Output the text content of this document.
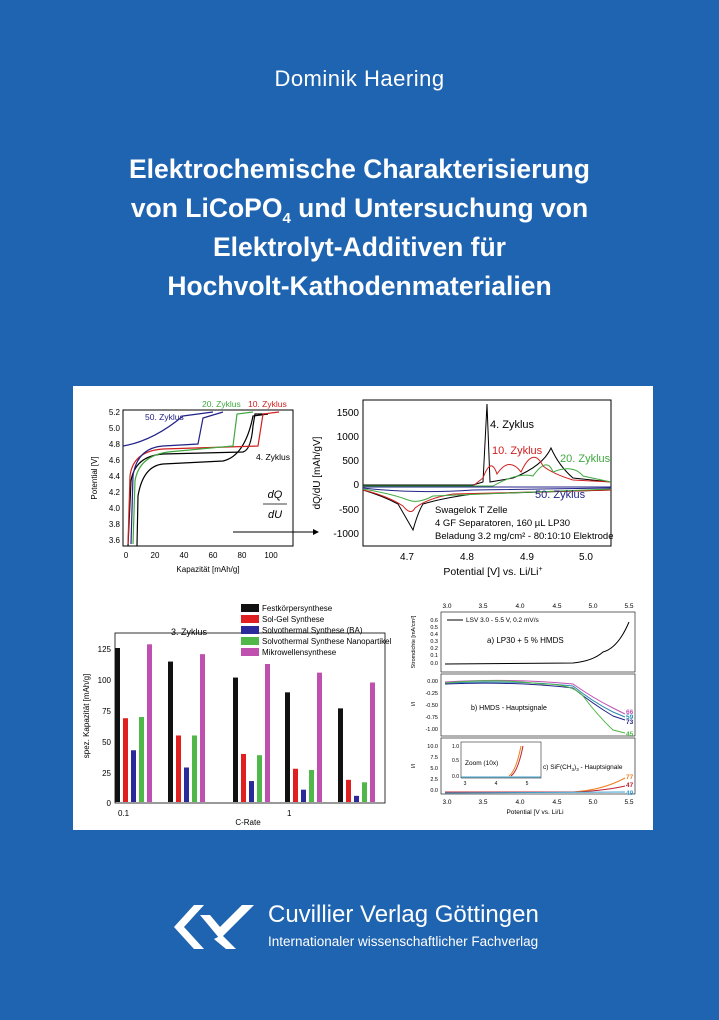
Dominik Haering
Elektrochemische Charakterisierung
von LiCoPO$_4$ und Untersuchung von
Elektrolyt-Additiven für
Hochvolt-Kathodenmaterialien
5.2
5.0
4.8
4.6
4.4
4.2
4.0
3.8
3.6
0	20	40	60	80 100
Kapazität [mAh/g]
Potential [V]
50. Zyklus
20. Zyklus 10. Zyklus
4. Zyklus
dQ
dU
1500
1000
500
0
-500
-1000
4.7	4.8	4.9	5.0
Potential [V] vs. Li/Li+
dQ/dU [mAh/gV]
4. Zyklus
10. Zyklus
20. Zyklus
50. Zyklus
Swagelok T Zelle
4 GF Separatoren, 160 µL LP30
Beladung 3.2 mg/cm² - 80:10:10 Elektrode
Festkörpersynthese
Sol-Gel Synthese
Solvothermal Synthese (BA)
Solvothermal Synthese Nanopartikel
Mikrowellensynthese
3. Zyklus
125
100
75
50
25
0
0.1	1
C-Rate
spez. Kapazität [mAh/g]
3.0	3.5	4.0	4.5	5.0	5.5
LSV 3.0 - 5.5 V, 0.2 mV/s
a) LP30 + 5 % HMDS
0.6
0.5
0.4
0.3
0.2
0.1
0.0
Stromdichte [mA/cm²]
0.00
-0.25
-0.50
-0.75
-1.00
I/I
b) HMDS - Hauptsignale
66
59
73
45
10.0
7.5
5.0
2.5
0.0
I/I	Zoom (10x)
1.0
0.5
0.0
3	4	5
c) $SiF(CH_3)_3$ - Hauptsignale
77
47
49
3.0	3.5	4.0	4.5	5.0	5.5
Potential [V vs. Li/Li
Cuvillier Verlag Göttingen
Internationaler wissenschaftlicher Fachverlag
